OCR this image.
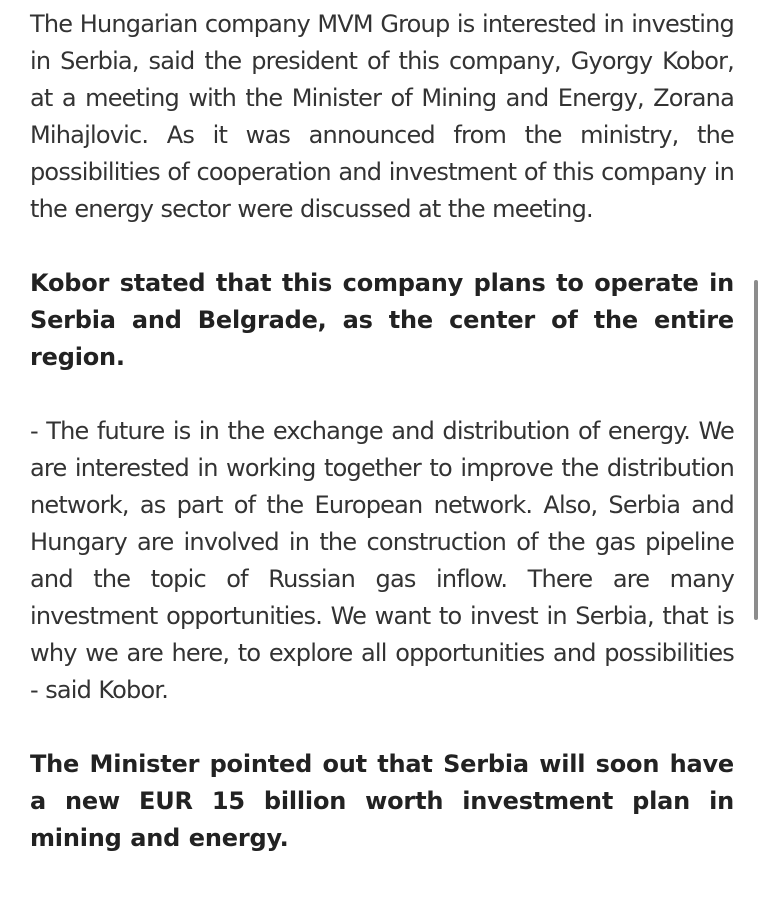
The Hungarian company MVM Group is interested in investing in Serbia, said the president of this company, Gyorgy Kobor, at a meeting with the Minister of Mining and Energy, Zorana Mihajlovic. As it was announced from the ministry, the possibilities of cooperation and investment of this company in the energy sector were discussed at the meeting.

Kobor stated that this company plans to operate in Serbia and Belgrade, as the center of the entire region.

- The future is in the exchange and distribution of energy. We are interested in working together to improve the distribution network, as part of the European network. Also, Serbia and Hungary are involved in the construction of the gas pipeline and the topic of Russian gas inflow. There are many investment opportunities. We want to invest in Serbia, that is why we are here, to explore all opportunities and possibilities - said Kobor.

The Minister pointed out that Serbia will soon have a new EUR 15 billion worth investment plan in mining and energy.
